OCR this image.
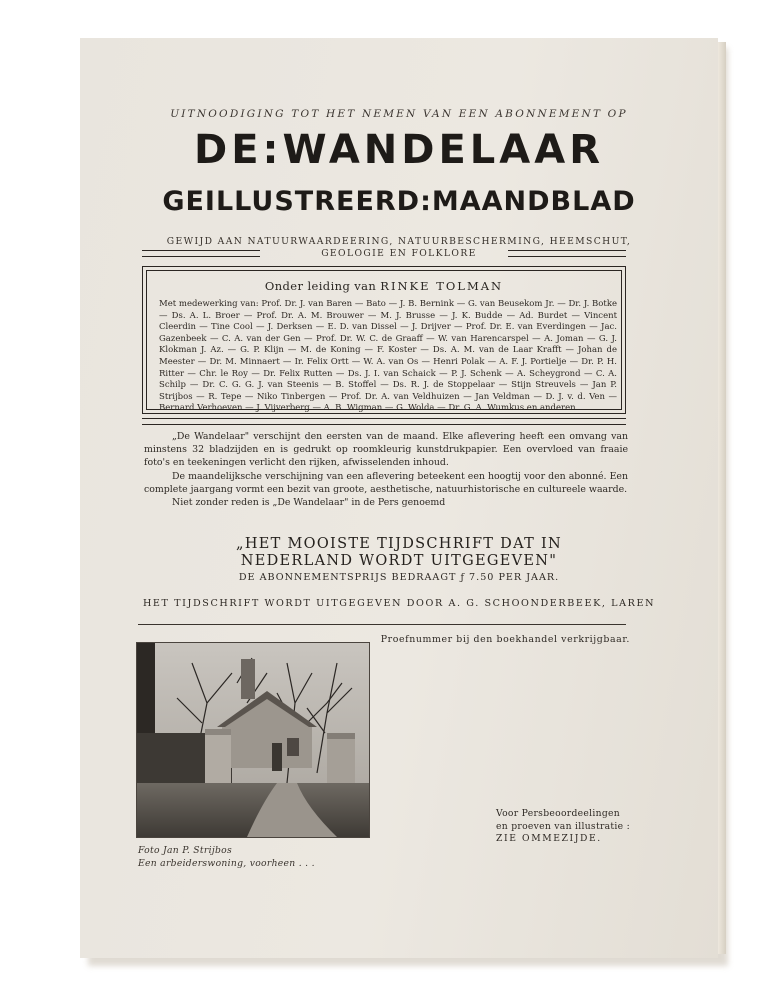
UITNOODIGING TOT HET NEMEN VAN EEN ABONNEMENT OP
DE:WANDELAAR
GEILLUSTREERD:MAANDBLAD
GEWIJD AAN NATUURWAARDEERING, NATUURBESCHERMING, HEEMSCHUT,
GEOLOGIE EN FOLKLORE
Onder leiding van RINKE TOLMAN
Met medewerking van: Prof. Dr. J. van Baren — Bato — J. B. Bernink — G. van Beusekom Jr. — Dr. J. Botke — Ds. A. L. Broer — Prof. Dr. A. M. Brouwer — M. J. Brusse — J. K. Budde — Ad. Burdet — Vincent Cleerdin — Tine Cool — J. Derksen — E. D. van Dissel — J. Drijver — Prof. Dr. E. van Everdingen — Jac. Gazenbeek — C. A. van der Gen — Prof. Dr. W. C. de Graaff — W. van Harencarspel — A. Joman — G. J. Klokman J. Az. — G. P. Klijn — M. de Koning — F. Koster — Ds. A. M. van de Laar Krafft — Johan de Meester — Dr. M. Minnaert — Ir. Felix Ortt — W. A. van Os — Henri Polak — A. F. J. Portielje — Dr. P. H. Ritter — Chr. le Roy — Dr. Felix Rutten — Ds. J. I. van Schaick — P. J. Schenk — A. Scheygrond — C. A. Schilp — Dr. C. G. G. J. van Steenis — B. Stoffel — Ds. R. J. de Stoppelaar — Stijn Streuvels — Jan P. Strijbos — R. Tepe — Niko Tinbergen — Prof. Dr. A. van Veldhuizen — Jan Veldman — D. J. v. d. Ven — Bernard Verhoeven — J. Vijverberg — A. B. Wigman — G. Wolda — Dr. G. A. Wumkus en anderen

„De Wandelaar" verschijnt den eersten van de maand. Elke aflevering heeft een omvang van minstens 32 bladzijden en is gedrukt op roomkleurig kunstdrukpapier. Een overvloed van fraaie foto's en teekeningen verlicht den rijken, afwisselenden inhoud.

De maandelijksche verschijning van een aflevering beteekent een hoogtij voor den abonné. Een complete jaargang vormt een bezit van groote, aesthetische, natuurhistorische en cultureele waarde.

Niet zonder reden is „De Wandelaar" in de Pers genoemd

„HET MOOISTE TIJDSCHRIFT DAT IN
NEDERLAND WORDT UITGEGEVEN"
DE ABONNEMENTSPRIJS BEDRAAGT ƒ 7.50 PER JAAR.
HET TIJDSCHRIFT WORDT UITGEGEVEN DOOR A. G. SCHOONDERBEEK, LAREN
Proefnummer bij den boekhandel verkrijgbaar.
Foto Jan P. Strijbos
Een arbeiderswoning, voorheen . . .
Voor Persbeoordeelingen
en proeven van illustratie :
ZIE OMMEZIJDE.
